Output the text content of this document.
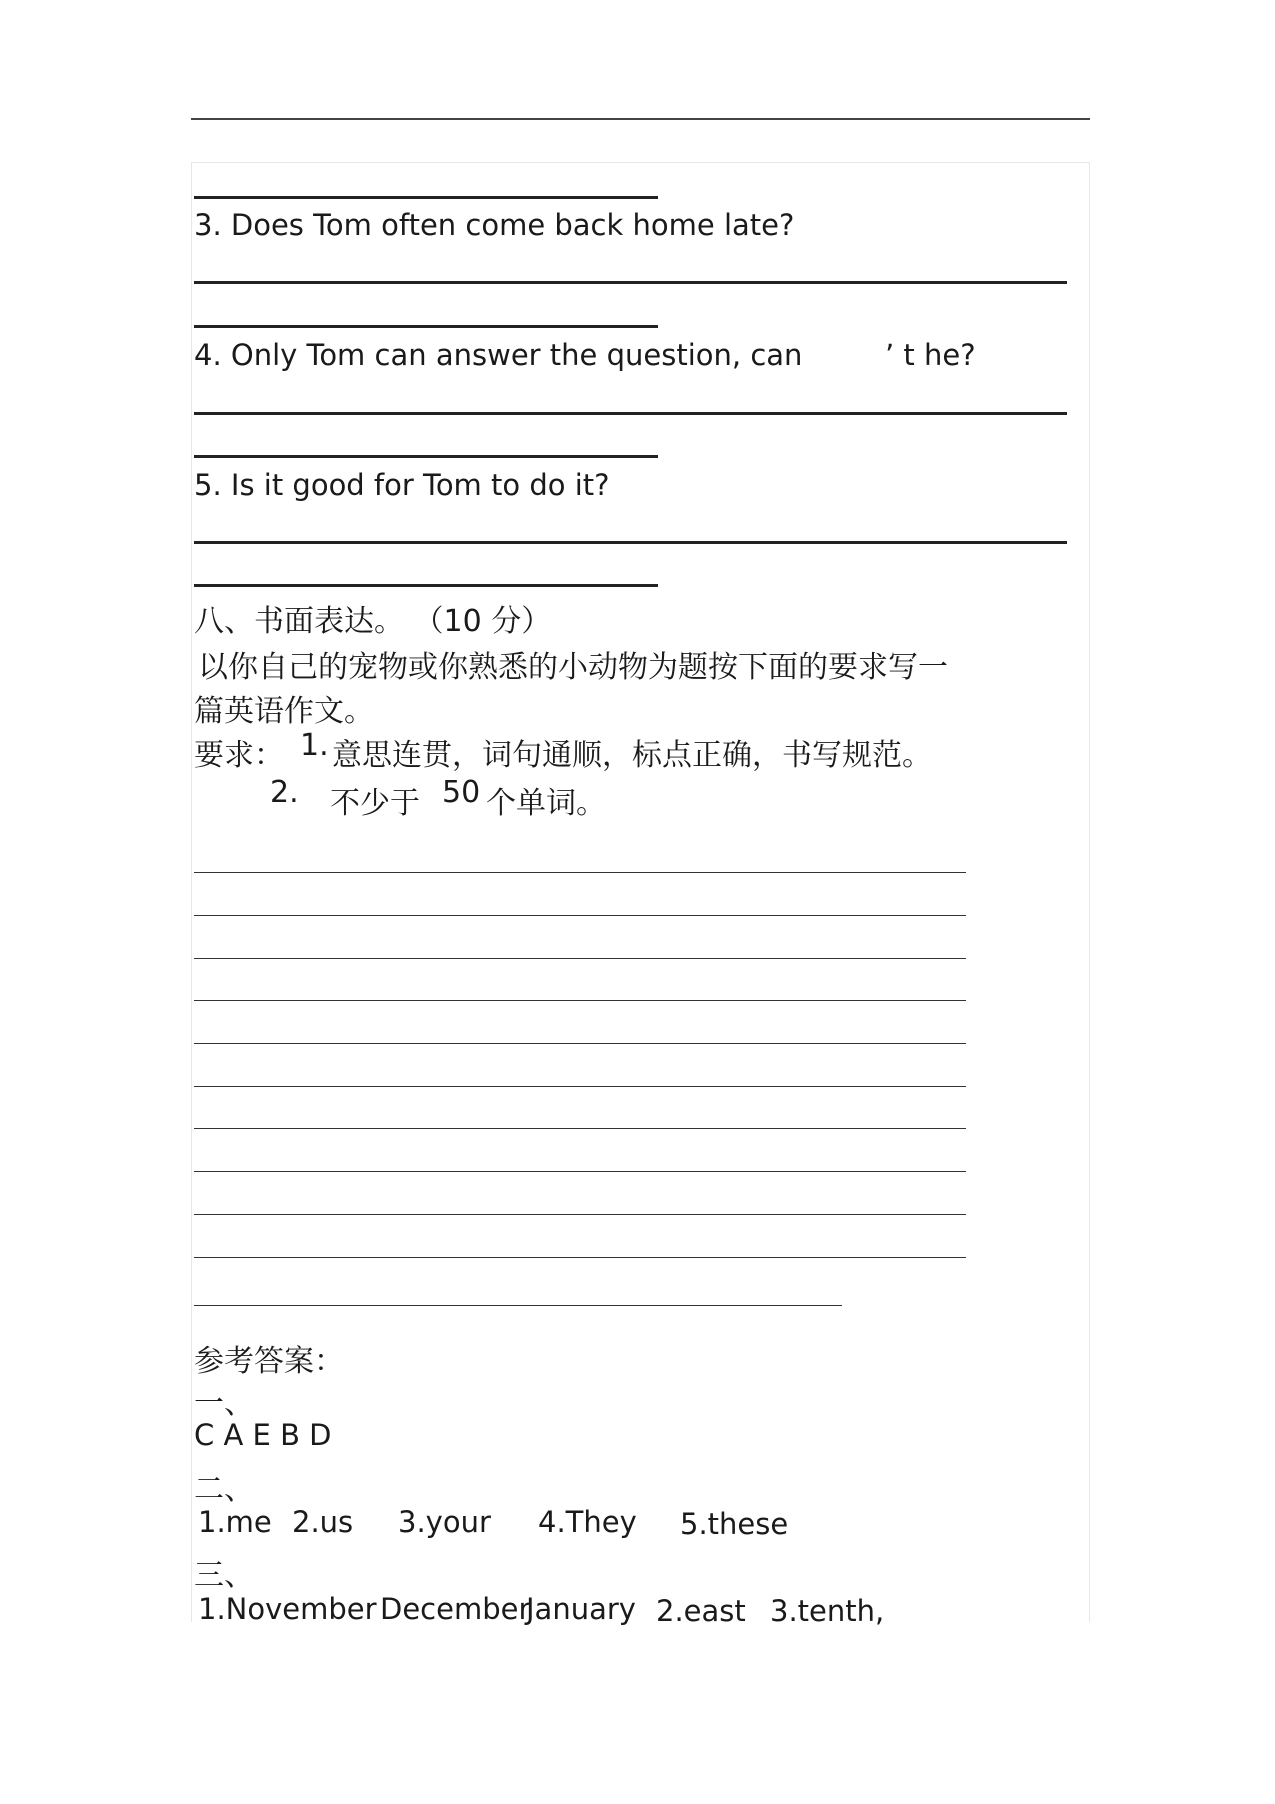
3. Does Tom often come back home late?
4. Only Tom can answer the question, can	’ t he?
5. Is it good for Tom to do it?
八、书面表达。 （10 分）
以你自己的宠物或你熟悉的小动物为题按下面的要求写一
篇英语作文。
要求： 1. 意思连贯，词句通顺，标点正确，书写规范。
2. 不少于 50 个单词。
参考答案：
一、
C A E B D
二、
1.me 2.us 3.your 4.They 5.these
三、
1.November December
January 2.east 3.tenth,
